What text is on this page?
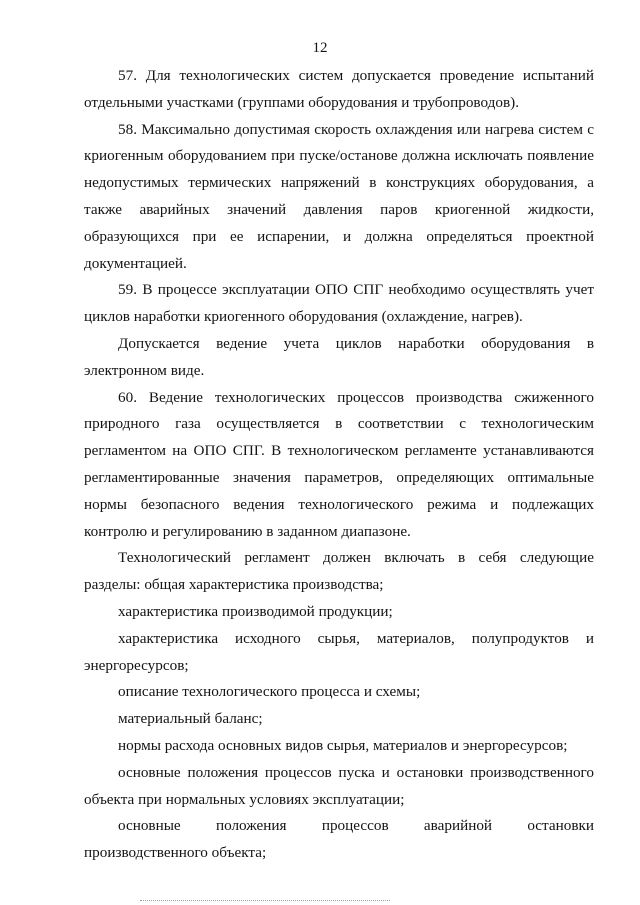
12

57. Для технологических систем допускается проведение испытаний отдельными участками (группами оборудования и трубопроводов).

58. Максимально допустимая скорость охлаждения или нагрева систем с криогенным оборудованием при пуске/останове должна исключать появление недопустимых термических напряжений в конструкциях оборудования, а также аварийных значений давления паров криогенной жидкости, образующихся при ее испарении, и должна определяться проектной документацией.

59. В процессе эксплуатации ОПО СПГ необходимо осуществлять учет циклов наработки криогенного оборудования (охлаждение, нагрев).

Допускается ведение учета циклов наработки оборудования в электронном виде.

60. Ведение технологических процессов производства сжиженного природного газа осуществляется в соответствии с технологическим регламентом на ОПО СПГ. В технологическом регламенте устанавливаются регламентированные значения параметров, определяющих оптимальные нормы безопасного ведения технологического режима и подлежащих контролю и регулированию в заданном диапазоне.

Технологический регламент должен включать в себя следующие разделы: общая характеристика производства;

характеристика производимой продукции;

характеристика исходного сырья, материалов, полупродуктов и энергоресурсов;

описание технологического процесса и схемы;

материальный баланс;

нормы расхода основных видов сырья, материалов и энергоресурсов;

основные положения процессов пуска и остановки производственного объекта при нормальных условиях эксплуатации;

основные положения процессов аварийной остановки производственного объекта;
